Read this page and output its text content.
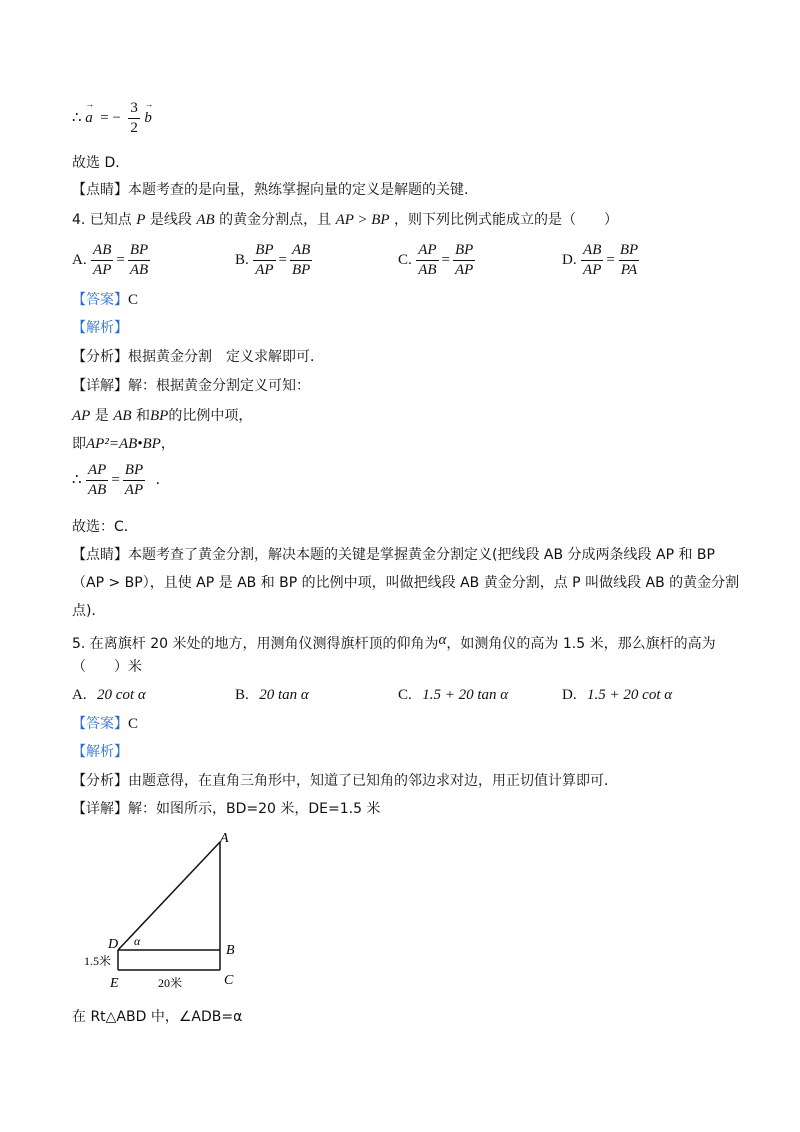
∴ → a = − $\frac{3}{2}$
→ b
故选 D.
【点睛】本题考查的是向量，熟练掌握向量的定义是解题的关键.
4. 已知点 P 是线段 AB 的黄金分割点，且 AP > BP ，则下列比例式能成立的是（　　）
A. $\frac{AB}{AP} = \frac{BP}{AB}$	B. $\frac{BP}{AP} = \frac{AB}{BP}$	C. $\frac{AP}{AB} = \frac{BP}{AP}$	D. $\frac{AB}{AP} = \frac{BP}{PA}$
【答案】C
【解析】
【分析】根据黄金分割　定义求解即可．
【详解】解：根据黄金分割定义可知：
AP 是 AB 和BP的比例中项，
即AP²=AB•BP，
∴ $\frac{AP}{AB} = \frac{BP}{AP}$ ．
故选：C．
【点睛】本题考查了黄金分割，解决本题的关键是掌握黄金分割定义(把线段 AB 分成两条线段 AP 和 BP
（AP > BP），且使 AP 是 AB 和 BP 的比例中项，叫做把线段 AB 黄金分割，点 P 叫做线段 AB 的黄金分割
点)．
5. 在离旗杆 20 米处的地方，用测角仪测得旗杆顶的仰角为α，如测角仪的高为 1.5 米，那么旗杆的高为
（　　）米
A. 20 cot α	B. 20 tan α	C. 1.5 + 20 tan α	D. 1.5 + 20 cot α
【答案】C
【解析】
【分析】由题意得，在直角三角形中，知道了已知角的邻边求对边，用正切值计算即可．
【详解】解：如图所示，BD=20 米，DE=1.5 米
A
B
C
D
E
α
1.5米
20米
在 Rt△ABD 中，∠ADB=α
